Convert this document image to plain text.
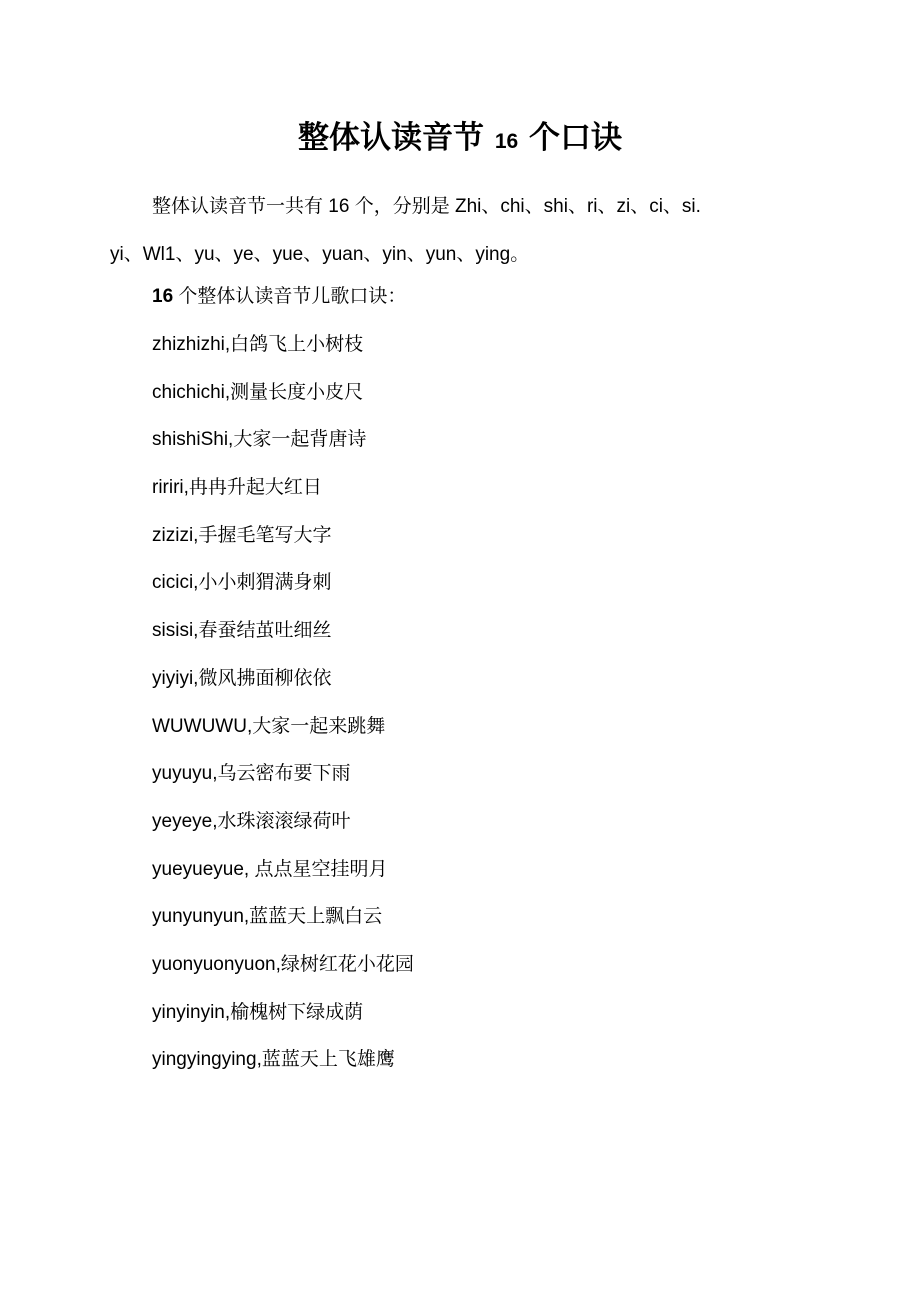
整体认读音节 16 个口诀
整体认读音节一共有 16 个，分别是 Zhi、chi、shi、ri、zi、ci、si.
yi、Wl1、yu、ye、yue、yuan、yin、yun、ying。
16 个整体认读音节儿歌口诀：
zhizhizhi,白鸽飞上小树枝
chichichi,测量长度小皮尺
shishiShi,大家一起背唐诗
ririri,冉冉升起大红日
zizizi,手握毛笔写大字
cicici,小小刺猬满身刺
sisisi,春蚕结茧吐细丝
yiyiyi,微风拂面柳依依
WUWUWU,大家一起来跳舞
yuyuyu,乌云密布要下雨
yeyeye,水珠滚滚绿荷叶
yueyueyue, 点点星空挂明月
yunyunyun,蓝蓝天上飘白云
yuonyuonyuon,绿树红花小花园
yinyinyin,榆槐树下绿成荫
yingyingying,蓝蓝天上飞雄鹰
